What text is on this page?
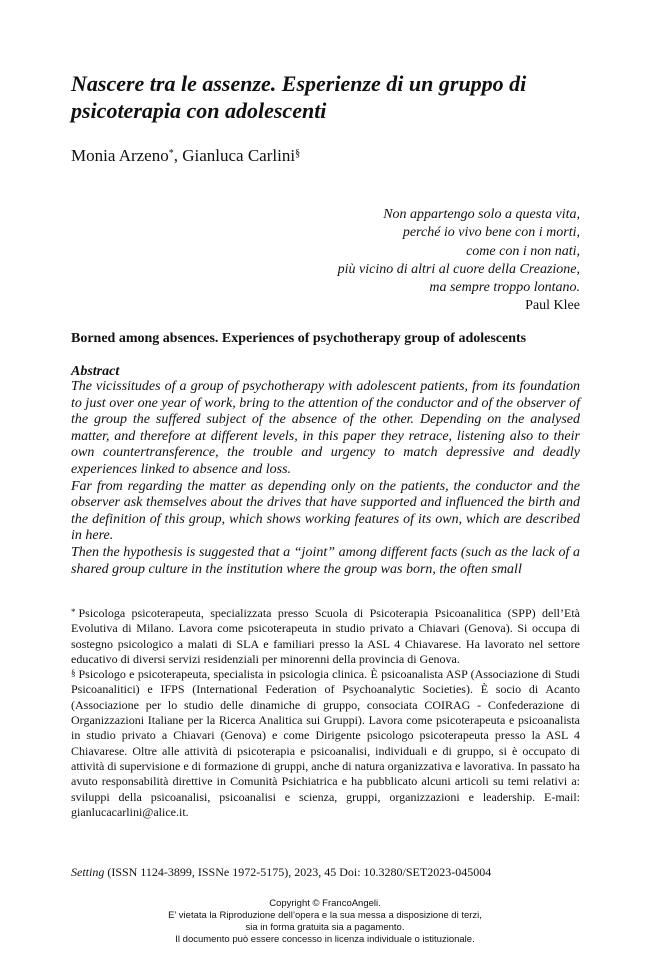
Nascere tra le assenze. Esperienze di un gruppo di psicoterapia con adolescenti
Monia Arzeno*, Gianluca Carlini§
Non appartengo solo a questa vita,
perché io vivo bene con i morti,
come con i non nati,
più vicino di altri al cuore della Creazione,
ma sempre troppo lontano.
Paul Klee
Borned among absences. Experiences of psychotherapy group of adolescents
Abstract

The vicissitudes of a group of psychotherapy with adolescent patients, from its foundation to just over one year of work, bring to the attention of the conductor and of the observer of the group the suffered subject of the absence of the other. Depending on the analysed matter, and therefore at different levels, in this paper they retrace, listening also to their own countertransference, the trouble and urgency to match depressive and deadly experiences linked to absence and loss.

Far from regarding the matter as depending only on the patients, the conductor and the observer ask themselves about the drives that have supported and influenced the birth and the definition of this group, which shows working features of its own, which are described in here.

Then the hypothesis is suggested that a “joint” among different facts (such as the lack of a shared group culture in the institution where the group was born, the often small

* Psicologa psicoterapeuta, specializzata presso Scuola di Psicoterapia Psicoanalitica (SPP) dell’Età Evolutiva di Milano. Lavora come psicoterapeuta in studio privato a Chiavari (Genova). Si occupa di sostegno psicologico a malati di SLA e familiari presso la ASL 4 Chiavarese. Ha lavorato nel settore educativo di diversi servizi residenziali per minorenni della provincia di Genova.

§ Psicologo e psicoterapeuta, specialista in psicologia clinica. È psicoanalista ASP (Associazione di Studi Psicoanalitici) e IFPS (International Federation of Psychoanalytic Societies). È socio di Acanto (Associazione per lo studio delle dinamiche di gruppo, consociata COIRAG - Confederazione di Organizzazioni Italiane per la Ricerca Analitica sui Gruppi). Lavora come psicoterapeuta e psicoanalista in studio privato a Chiavari (Genova) e come Dirigente psicologo psicoterapeuta presso la ASL 4 Chiavarese. Oltre alle attività di psicoterapia e psicoanalisi, individuali e di gruppo, si è occupato di attività di supervisione e di formazione di gruppi, anche di natura organizzativa e lavorativa. In passato ha avuto responsabilità direttive in Comunità Psichiatrica e ha pubblicato alcuni articoli su temi relativi a: sviluppi della psicoanalisi, psicoanalisi e scienza, gruppi, organizzazioni e leadership. E-mail: gianlucacarlini@alice.it.

Setting (ISSN 1124-3899, ISSNe 1972-5175), 2023, 45 Doi: 10.3280/SET2023-045004
Copyright © FrancoAngeli.
E’ vietata la Riproduzione dell’opera e la sua messa a disposizione di terzi,
sia in forma gratuita sia a pagamento.
Il documento può essere concesso in licenza individuale o istituzionale.
